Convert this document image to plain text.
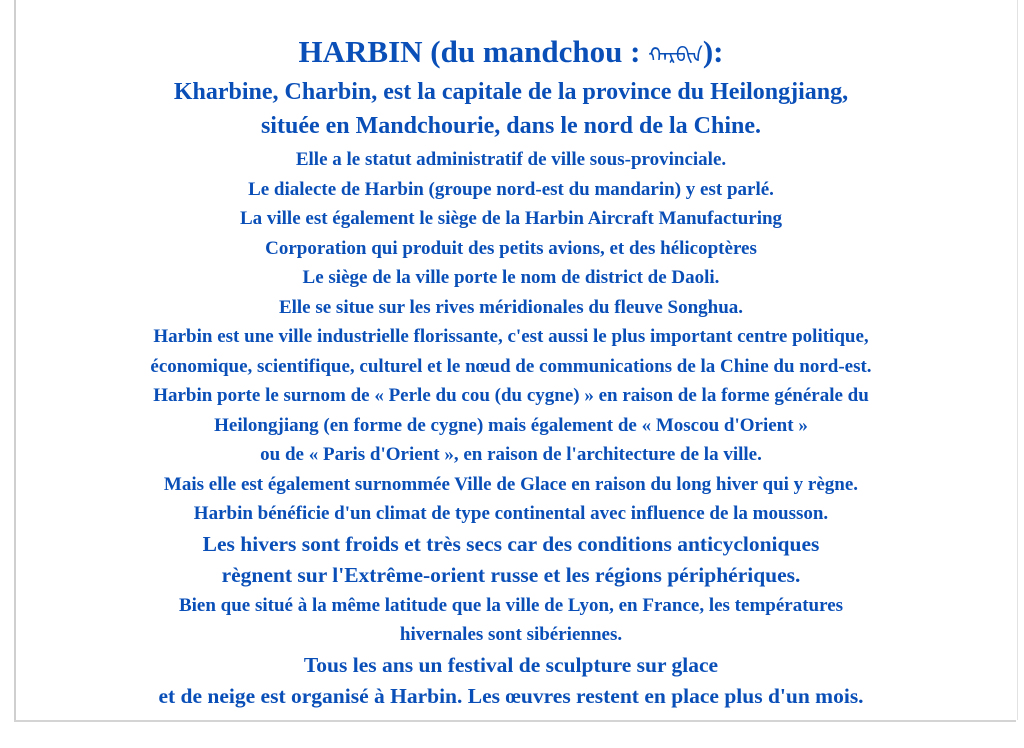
HARBIN (du mandchou : ᠬᠠᠷᠪᠢᠨ):
Kharbine, Charbin, est la capitale de la province du Heilongjiang,
située en Mandchourie, dans le nord de la Chine.
Elle a le statut administratif de ville sous-provinciale.
Le dialecte de Harbin (groupe nord-est du mandarin) y est parlé.
La ville est également le siège de la Harbin Aircraft Manufacturing
Corporation qui produit des petits avions, et des hélicoptères
Le siège de la ville porte le nom de district de Daoli.
Elle se situe sur les rives méridionales du fleuve Songhua.
Harbin est une ville industrielle florissante, c'est aussi le plus important centre politique,
économique, scientifique, culturel et le nœud de communications de la Chine du nord-est.
Harbin porte le surnom de « Perle du cou (du cygne) » en raison de la forme générale du
Heilongjiang (en forme de cygne) mais également de « Moscou d'Orient »
ou de « Paris d'Orient », en raison de l'architecture de la ville.
Mais elle est également surnommée Ville de Glace en raison du long hiver qui y règne.
Harbin bénéficie d'un climat de type continental avec influence de la mousson.
Les hivers sont froids et très secs car des conditions anticycloniques
règnent sur l'Extrême-orient russe et les régions périphériques.
Bien que situé à la même latitude que la ville de Lyon, en France, les températures
hivernales sont sibériennes.
Tous les ans un festival de sculpture sur glace
et de neige est organisé à Harbin. Les œuvres restent en place plus d'un mois.
